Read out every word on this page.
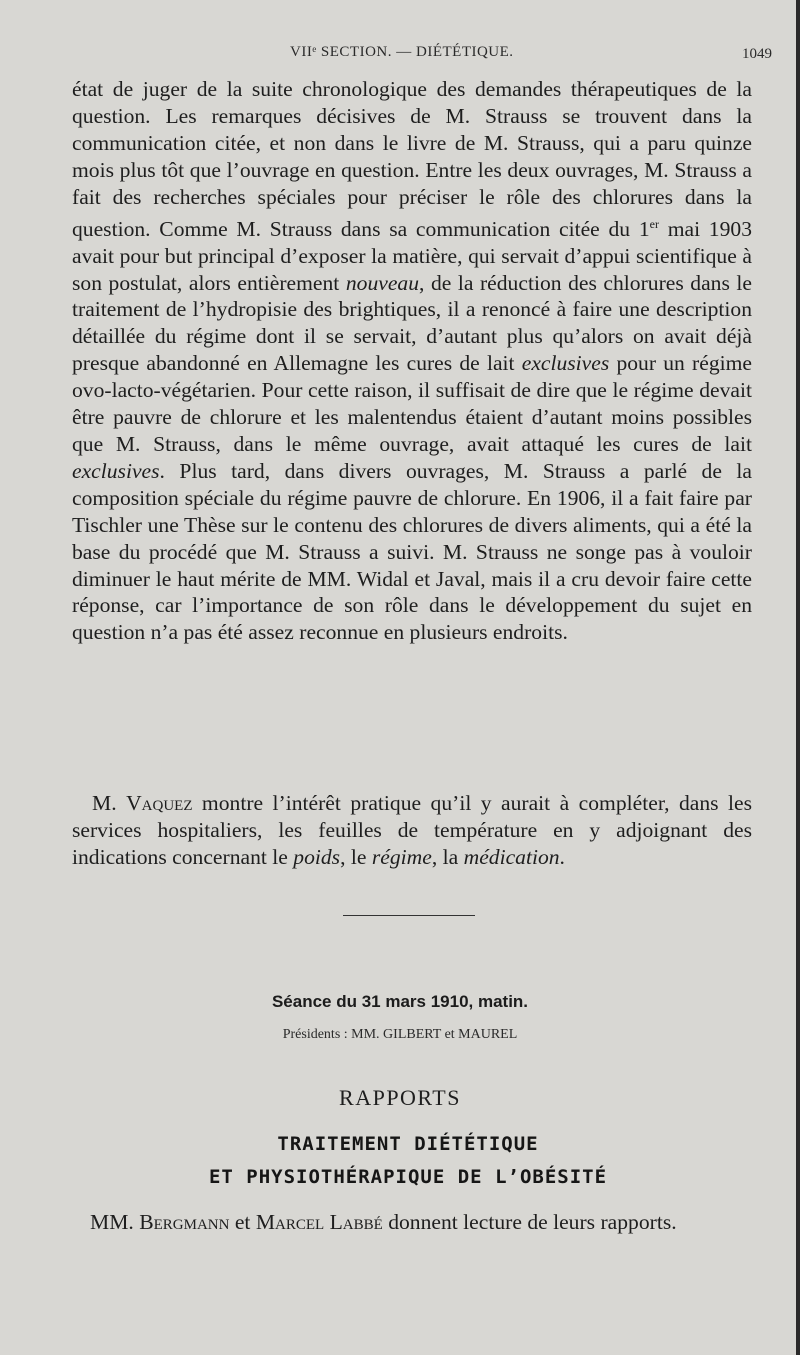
VIIᵉ SECTION. — DIÉTÉTIQUE.	1049
état de juger de la suite chronologique des demandes thérapeutiques de la question. Les remarques décisives de M. Strauss se trouvent dans la communication citée, et non dans le livre de M. Strauss, qui a paru quinze mois plus tôt que l’ouvrage en question. Entre les deux ouvrages, M. Strauss a fait des recherches spéciales pour préciser le rôle des chlorures dans la question. Comme M. Strauss dans sa communication citée du 1er mai 1903 avait pour but principal d’exposer la matière, qui servait d’appui scientifique à son postulat, alors entièrement nouveau, de la réduction des chlorures dans le traitement de l’hydropisie des brightiques, il a renoncé à faire une description détaillée du régime dont il se servait, d’autant plus qu’alors on avait déjà presque abandonné en Allemagne les cures de lait exclusives pour un régime ovo-lacto-végétarien. Pour cette raison, il suffisait de dire que le régime devait être pauvre de chlorure et les malentendus étaient d’autant moins possibles que M. Strauss, dans le même ouvrage, avait attaqué les cures de lait exclusives. Plus tard, dans divers ouvrages, M. Strauss a parlé de la composition spéciale du régime pauvre de chlorure. En 1906, il a fait faire par Tischler une Thèse sur le contenu des chlorures de divers aliments, qui a été la base du procédé que M. Strauss a suivi. M. Strauss ne songe pas à vouloir diminuer le haut mérite de MM. Widal et Javal, mais il a cru devoir faire cette réponse, car l’importance de son rôle dans le développement du sujet en question n’a pas été assez reconnue en plusieurs endroits.
M. Vaquez montre l’intérêt pratique qu’il y aurait à compléter, dans les services hospitaliers, les feuilles de température en y adjoignant des indications concernant le poids, le régime, la médication.
Séance du 31 mars 1910, matin.
Présidents : MM. GILBERT et MAUREL
RAPPORTS
TRAITEMENT DIÉTÉTIQUE
ET PHYSIOTHÉRAPIQUE DE L’OBÉSITÉ
MM. Bergmann et Marcel Labbé donnent lecture de leurs rapports.
